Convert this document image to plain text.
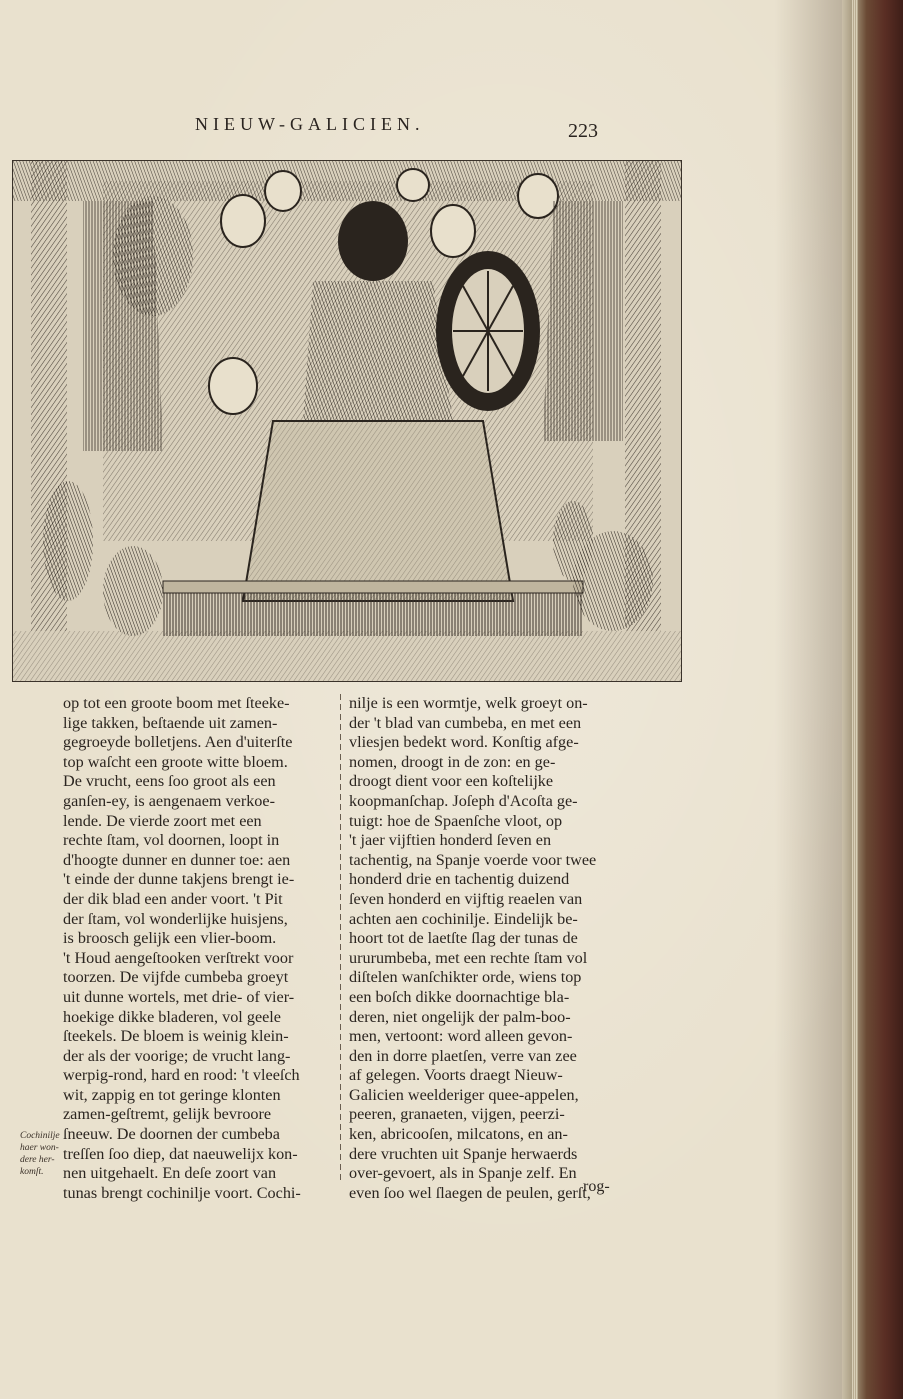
NIEUW-GALICIEN.	223
op tot een groote boom met ſteeke-
lige takken, beſtaende uit zamen-
gegroeyde bolletjens. Aen d'uiterſte
top waſcht een groote witte bloem.
De vrucht, eens ſoo groot als een
ganſen-ey, is aengenaem verkoe-
lende. De vierde zoort met een
rechte ſtam, vol doornen, loopt in
d'hoogte dunner en dunner toe: aen
't einde der dunne takjens brengt ie-
der dik blad een ander voort. 't Pit
der ſtam, vol wonderlijke huisjens,
is broosch gelijk een vlier-boom.
't Houd aengeſtooken verſtrekt voor
toorzen. De vijfde cumbeba groeyt
uit dunne wortels, met drie- of vier-
hoekige dikke bladeren, vol geele
ſteekels. De bloem is weinig klein-
der als der voorige; de vrucht lang-
werpig-rond, hard en rood: 't vleeſch
wit, zappig en tot geringe klonten
zamen-geſtremt, gelijk bevroore
ſneeuw. De doornen der cumbeba
treſſen ſoo diep, dat naeuwelijx kon-
nen uitgehaelt. En deſe zoort van
tunas brengt cochinilje voort. Cochi-
nilje is een wormtje, welk groeyt on-
der 't blad van cumbeba, en met een
vliesjen bedekt word. Konſtig afge-
nomen, droogt in de zon: en ge-
droogt dient voor een koſtelijke
koopmanſchap. Joſeph d'Acoſta ge-
tuigt: hoe de Spaenſche vloot, op
't jaer vijftien honderd ſeven en
tachentig, na Spanje voerde voor twee
honderd drie en tachentig duizend
ſeven honderd en vijftig reaelen van
achten aen cochinilje. Eindelijk be-
hoort tot de laetſte ſlag der tunas de
ururumbeba, met een rechte ſtam vol
diſtelen wanſchikter orde, wiens top
een boſch dikke doornachtige bla-
deren, niet ongelijk der palm-boo-
men, vertoont: word alleen gevon-
den in dorre plaetſen, verre van zee
af gelegen. Voorts draegt Nieuw-
Galicien weelderiger quee-appelen,
peeren, granaeten, vijgen, peerzi-
ken, abricooſen, milcatons, en an-
dere vruchten uit Spanje herwaerds
over-gevoert, als in Spanje zelf. En
even ſoo wel ſlaegen de peulen, gerſt,
Cochinilje
haer won-
dere her-
komſt.
rog-
